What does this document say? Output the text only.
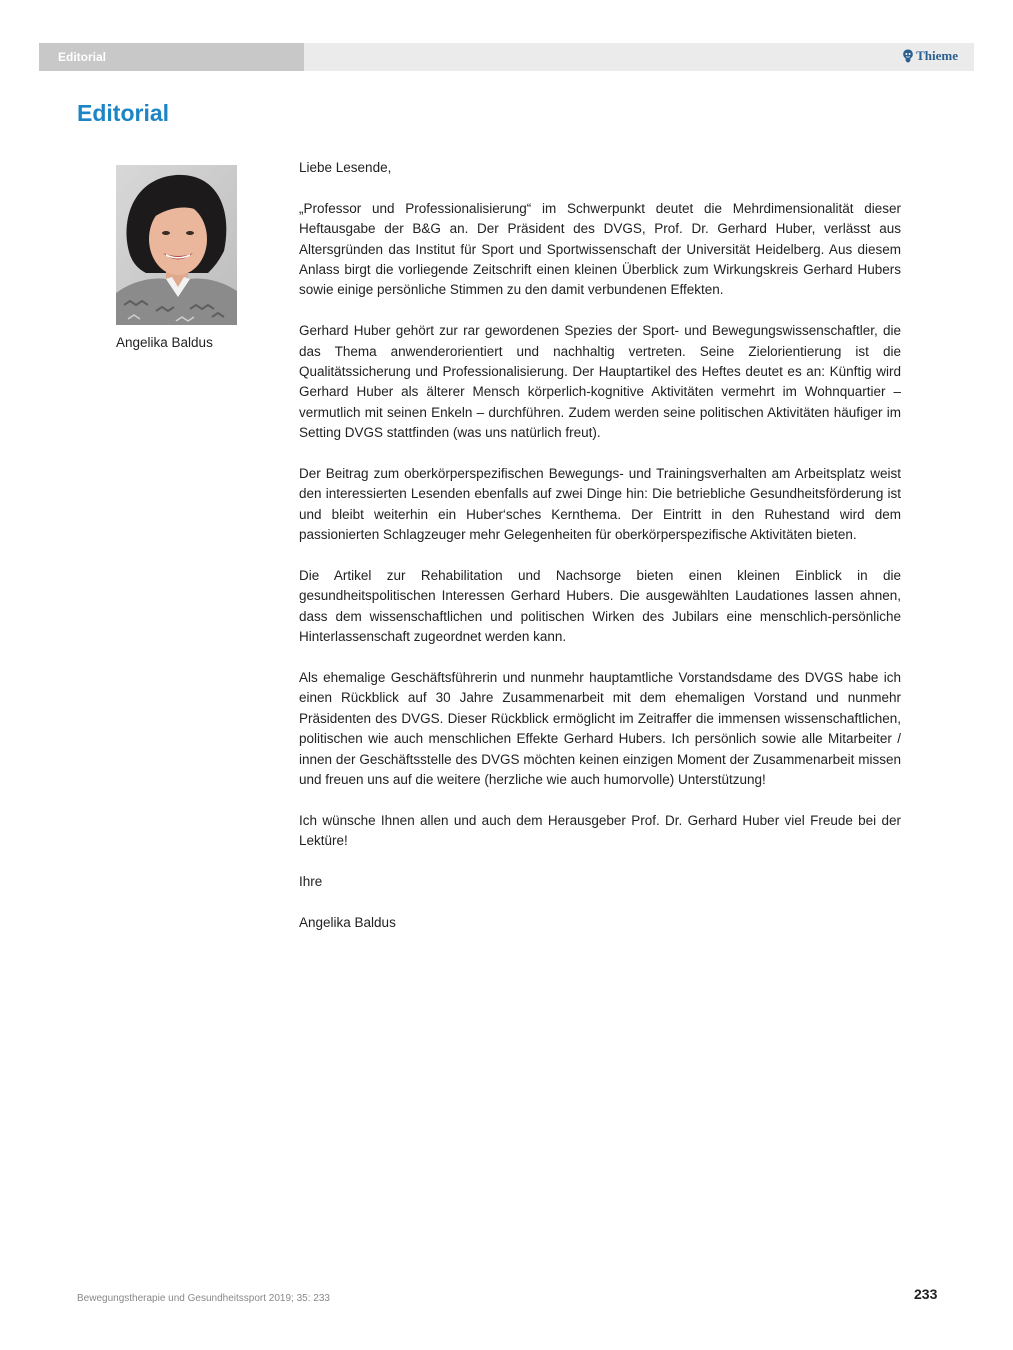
Editorial	Thieme
Editorial
Angelika Baldus

Liebe Lesende,

„Professor und Professionalisierung“ im Schwerpunkt deutet die Mehrdimensionalität dieser Heftausgabe der B&G an. Der Präsident des DVGS, Prof. Dr. Gerhard Huber, verlässt aus Altersgründen das Institut für Sport und Sportwissenschaft der Universität Heidelberg. Aus diesem Anlass birgt die vorliegende Zeitschrift einen kleinen Überblick zum Wirkungskreis Gerhard Hubers sowie einige persönliche Stimmen zu den damit verbundenen Effekten.

Gerhard Huber gehört zur rar gewordenen Spezies der Sport- und Bewegungswissenschaftler, die das Thema anwenderorientiert und nachhaltig vertreten. Seine Zielorientierung ist die Qualitätssicherung und Professionalisierung. Der Hauptartikel des Heftes deutet es an: Künftig wird Gerhard Huber als älterer Mensch körperlich-kognitive Aktivitäten vermehrt im Wohnquartier – vermutlich mit seinen Enkeln – durchführen. Zudem werden seine politischen Aktivitäten häufiger im Setting DVGS stattfinden (was uns natürlich freut).

Der Beitrag zum oberkörperspezifischen Bewegungs- und Trainingsverhalten am Arbeitsplatz weist den interessierten Lesenden ebenfalls auf zwei Dinge hin: Die betriebliche Gesundheitsförderung ist und bleibt weiterhin ein Huber‘sches Kernthema. Der Eintritt in den Ruhestand wird dem passionierten Schlagzeuger mehr Gelegenheiten für oberkörperspezifische Aktivitäten bieten.

Die Artikel zur Rehabilitation und Nachsorge bieten einen kleinen Einblick in die gesundheitspolitischen Interessen Gerhard Hubers. Die ausgewählten Laudationes lassen ahnen, dass dem wissenschaftlichen und politischen Wirken des Jubilars eine menschlich-persönliche Hinterlassenschaft zugeordnet werden kann.

Als ehemalige Geschäftsführerin und nunmehr hauptamtliche Vorstandsdame des DVGS habe ich einen Rückblick auf 30 Jahre Zusammenarbeit mit dem ehemaligen Vorstand und nunmehr Präsidenten des DVGS. Dieser Rückblick ermöglicht im Zeitraffer die immensen wissenschaftlichen, politischen wie auch menschlichen Effekte Gerhard Hubers. Ich persönlich sowie alle Mitarbeiter / innen der Geschäftsstelle des DVGS möchten keinen einzigen Moment der Zusammenarbeit missen und freuen uns auf die weitere (herzliche wie auch humorvolle) Unterstützung!

Ich wünsche Ihnen allen und auch dem Herausgeber Prof. Dr. Gerhard Huber viel Freude bei der Lektüre!

Ihre

Angelika Baldus

Bewegungstherapie und Gesundheitssport 2019; 35: 233	233
